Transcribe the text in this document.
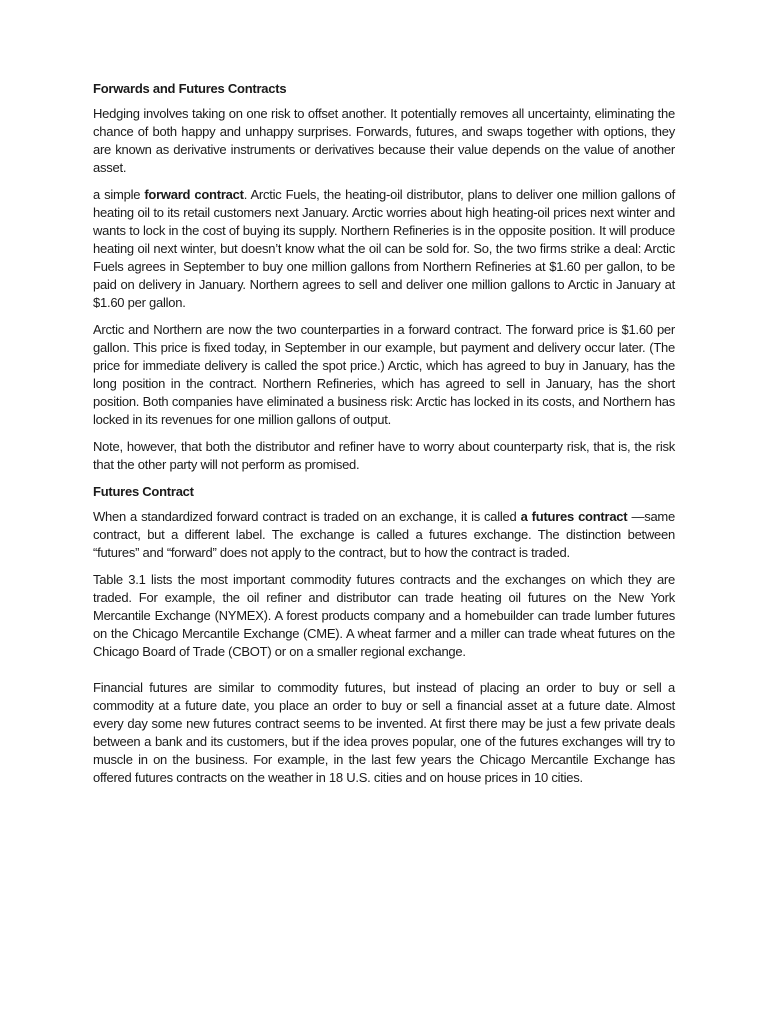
Forwards and Futures Contracts

Hedging involves taking on one risk to offset another. It potentially removes all uncertainty, eliminating the chance of both happy and unhappy surprises. Forwards, futures, and swaps together with options, they are known as derivative instruments or derivatives because their value depends on the value of another asset.

a simple forward contract. Arctic Fuels, the heating-oil distributor, plans to deliver one million gallons of heating oil to its retail customers next January. Arctic worries about high heating-oil prices next winter and wants to lock in the cost of buying its supply. Northern Refineries is in the opposite position. It will produce heating oil next winter, but doesn’t know what the oil can be sold for. So, the two firms strike a deal: Arctic Fuels agrees in September to buy one million gallons from Northern Refineries at $1.60 per gallon, to be paid on delivery in January. Northern agrees to sell and deliver one million gallons to Arctic in January at $1.60 per gallon.

Arctic and Northern are now the two counterparties in a forward contract. The forward price is $1.60 per gallon. This price is fixed today, in September in our example, but payment and delivery occur later. (The price for immediate delivery is called the spot price.) Arctic, which has agreed to buy in January, has the long position in the contract. Northern Refineries, which has agreed to sell in January, has the short position. Both companies have eliminated a business risk: Arctic has locked in its costs, and Northern has locked in its revenues for one million gallons of output.

Note, however, that both the distributor and refiner have to worry about counterparty risk, that is, the risk that the other party will not perform as promised.

Futures Contract

When a standardized forward contract is traded on an exchange, it is called a futures contract —same contract, but a different label. The exchange is called a futures exchange. The distinction between “futures” and “forward” does not apply to the contract, but to how the contract is traded.

Table 3.1 lists the most important commodity futures contracts and the exchanges on which they are traded. For example, the oil refiner and distributor can trade heating oil futures on the New York Mercantile Exchange (NYMEX). A forest products company and a homebuilder can trade lumber futures on the Chicago Mercantile Exchange (CME). A wheat farmer and a miller can trade wheat futures on the Chicago Board of Trade (CBOT) or on a smaller regional exchange.

Financial futures are similar to commodity futures, but instead of placing an order to buy or sell a commodity at a future date, you place an order to buy or sell a financial asset at a future date. Almost every day some new futures contract seems to be invented. At first there may be just a few private deals between a bank and its customers, but if the idea proves popular, one of the futures exchanges will try to muscle in on the business. For example, in the last few years the Chicago Mercantile Exchange has offered futures contracts on the weather in 18 U.S. cities and on house prices in 10 cities.
